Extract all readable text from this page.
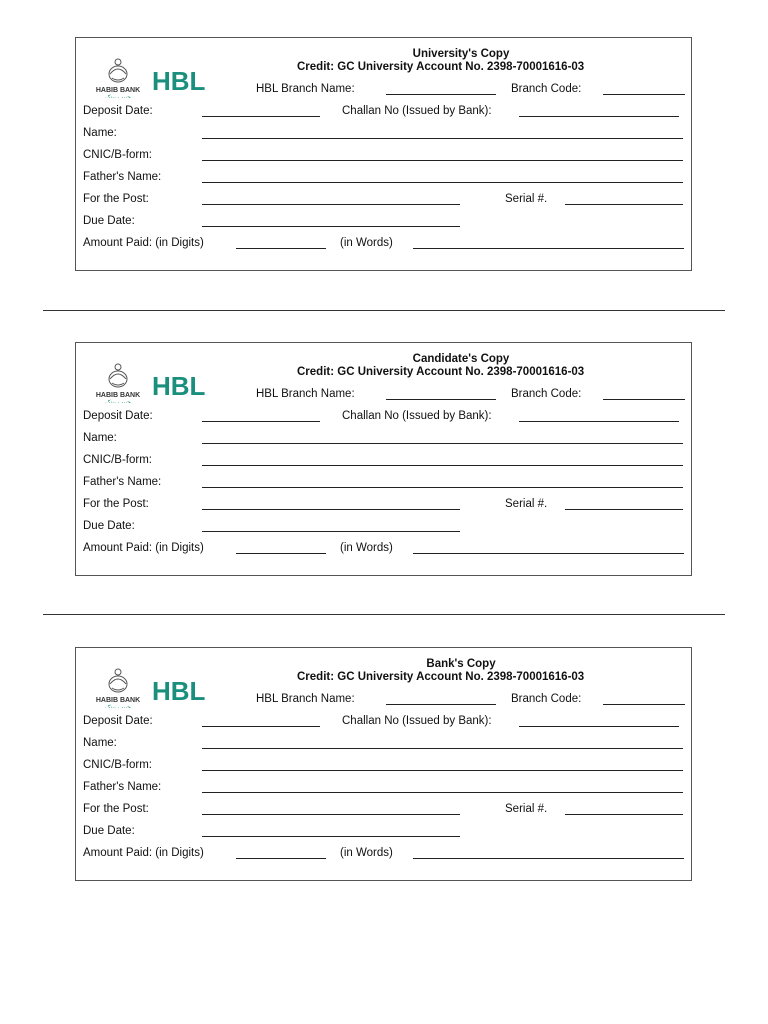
HABIB BANK
حبیب بینک
HBL
University's Copy
Credit: GC University Account No. 2398-70001616-03
HBL Branch Name:	Branch Code:
Deposit Date:	Challan No (Issued by Bank):
Name:
CNIC/B-form:
Father's Name:
For the Post:	Serial #.
Due Date:
Amount Paid: (in Digits)	(in Words)
HABIB BANK
حبیب بینک
HBL
Candidate's Copy
Credit: GC University Account No. 2398-70001616-03
HBL Branch Name:	Branch Code:
Deposit Date:	Challan No (Issued by Bank):
Name:
CNIC/B-form:
Father's Name:
For the Post:	Serial #.
Due Date:
Amount Paid: (in Digits)	(in Words)
HABIB BANK
حبیب بینک
HBL
Bank's Copy
Credit: GC University Account No. 2398-70001616-03
HBL Branch Name:	Branch Code:
Deposit Date:	Challan No (Issued by Bank):
Name:
CNIC/B-form:
Father's Name:
For the Post:	Serial #.
Due Date:
Amount Paid: (in Digits)	(in Words)
